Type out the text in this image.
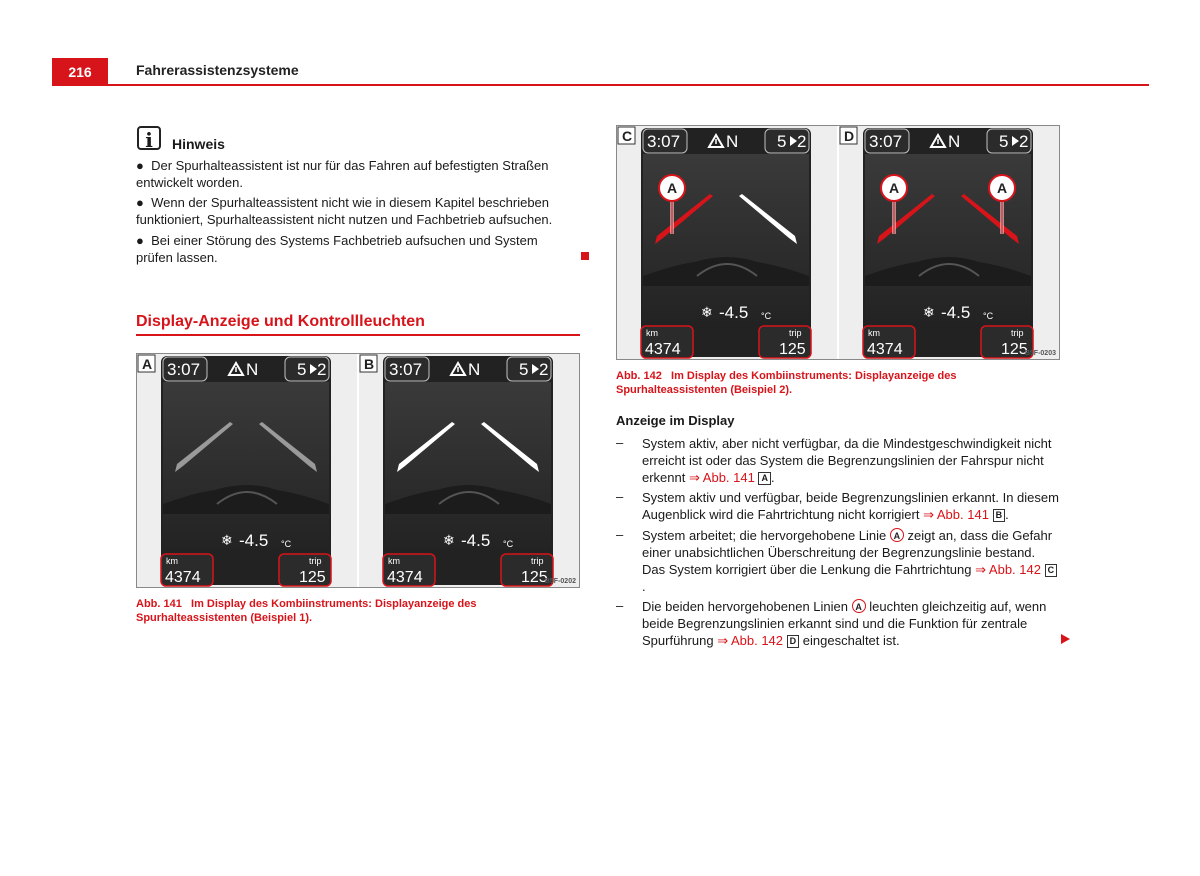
216	Fahrerassistenzsysteme
i	Hinweis
●  Der Spurhalteassistent ist nur für das Fahren auf befestigten Straßen entwickelt worden.
●  Wenn der Spurhalteassistent nicht wie in diesem Kapitel beschrieben funktioniert, Spurhalteassistent nicht nutzen und Fachbetrieb aufsuchen.
●  Bei einer Störung des Systems Fachbetrieb aufsuchen und System prüfen lassen.
Display-Anzeige und Kontrollleuchten
3:07	N 5 2
-4.5
❄	°C
km
4374
trip
125
A	3:07	N 5 2
-4.5
❄	°C
km
4374
trip
125
B
B5F-0202
Abb. 141 Im Display des Kombiinstruments: Displayanzeige des Spurhalteassistenten (Beispiel 1).
3:07	N 5 2
A
-4.5
❄	°C
km
4374
trip
125
C	3:07	N 5 2
A	A
-4.5
❄	°C
km
4374
trip
125
D
B5F-0203
Abb. 142 Im Display des Kombiinstruments: Displayanzeige des Spurhalteassistenten (Beispiel 2).
Anzeige im Display
– System aktiv, aber nicht verfügbar, da die Mindestgeschwindigkeit nicht erreicht ist oder das System die Begrenzungslinien der Fahrspur nicht erkennt ⇒ Abb. 141 A .
– System aktiv und verfügbar, beide Begrenzungslinien erkannt. In diesem Augenblick wird die Fahrtrichtung nicht korrigiert ⇒ Abb. 141 B .
– System arbeitet; die hervorgehobene Linie A zeigt an, dass die Gefahr einer unabsichtlichen Überschreitung der Begrenzungslinie bestand. Das System korrigiert über die Lenkung die Fahrtrichtung ⇒ Abb. 142 C.
– Die beiden hervorgehobenen Linien A leuchten gleichzeitig auf, wenn beide Begrenzungslinien erkannt sind und die Funktion für zentrale Spurführung ⇒ Abb. 142 D eingeschaltet ist.
